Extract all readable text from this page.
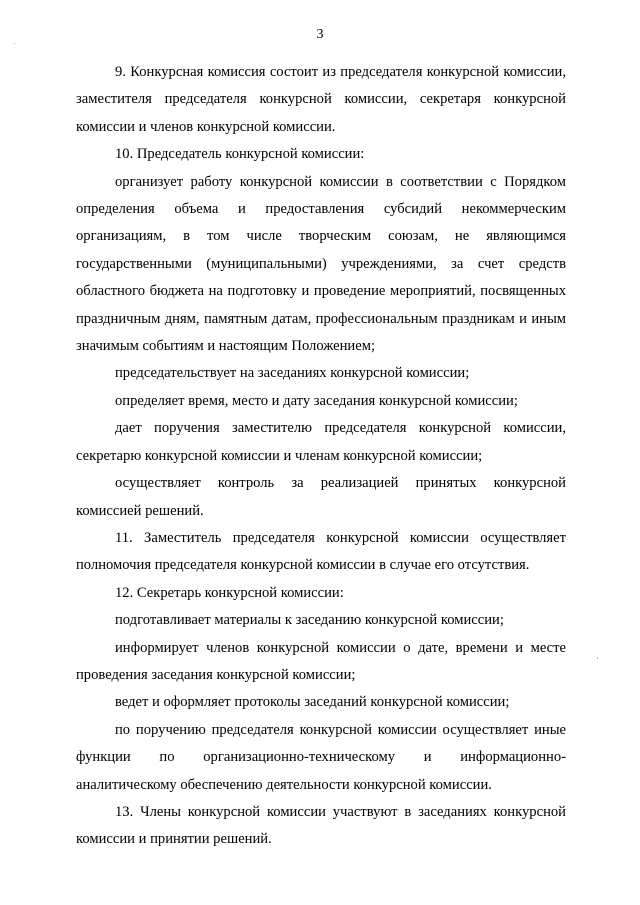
3

9. Конкурсная комиссия состоит из председателя конкурсной комиссии, заместителя председателя конкурсной комиссии, секретаря конкурсной комиссии и членов конкурсной комиссии.

10. Председатель конкурсной комиссии:

организует работу конкурсной комиссии в соответствии с Порядком определения объема и предоставления субсидий некоммерческим организациям, в том числе творческим союзам, не являющимся государственными (муниципальными) учреждениями, за счет средств областного бюджета на подготовку и проведение мероприятий, посвященных праздничным дням, памятным датам, профессиональным праздникам и иным значимым событиям и настоящим Положением;

председательствует на заседаниях конкурсной комиссии;

определяет время, место и дату заседания конкурсной комиссии;

дает поручения заместителю председателя конкурсной комиссии, секретарю конкурсной комиссии и членам конкурсной комиссии;

осуществляет контроль за реализацией принятых конкурсной комиссией решений.

11. Заместитель председателя конкурсной комиссии осуществляет полномочия председателя конкурсной комиссии в случае его отсутствия.

12. Секретарь конкурсной комиссии:

подготавливает материалы к заседанию конкурсной комиссии;

информирует членов конкурсной комиссии о дате, времени и месте проведения заседания конкурсной комиссии;

ведет и оформляет протоколы заседаний конкурсной комиссии;

по поручению председателя конкурсной комиссии осуществляет иные функции по организационно-техническому и информационно-аналитическому обеспечению деятельности конкурсной комиссии.

13. Члены конкурсной комиссии участвуют в заседаниях конкурсной комиссии и принятии решений.
